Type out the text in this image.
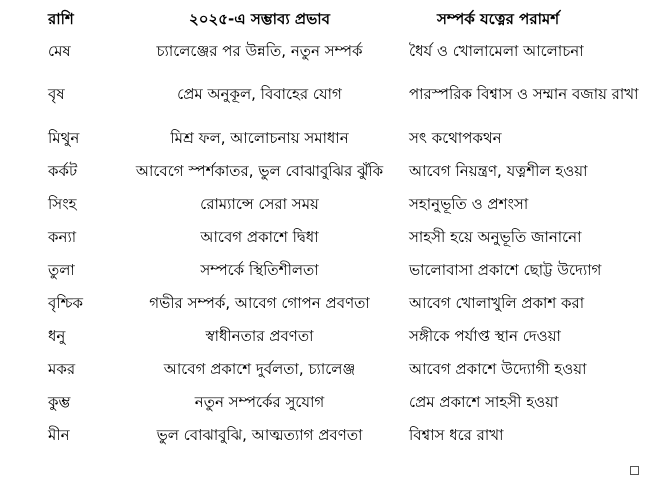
রাশি	২০২৫-এ সম্ভাব্য প্রভাব	সম্পর্ক যত্নের পরামর্শ
মেষ	চ্যালেঞ্জের পর উন্নতি, নতুন সম্পর্ক	ধৈর্য ও খোলামেলা আলোচনা
বৃষ	প্রেম অনুকূল, বিবাহের যোগ	পারস্পরিক বিশ্বাস ও সম্মান বজায় রাখা
মিথুন	মিশ্র ফল, আলোচনায় সমাধান	সৎ কথোপকথন
কর্কট	আবেগে স্পর্শকাতর, ভুল বোঝাবুঝির ঝুঁকি	আবেগ নিয়ন্ত্রণ, যত্নশীল হওয়া
সিংহ	রোম্যান্সে সেরা সময়	সহানুভূতি ও প্রশংসা
কন্যা	আবেগ প্রকাশে দ্বিধা	সাহসী হয়ে অনুভূতি জানানো
তুলা	সম্পর্কে স্থিতিশীলতা	ভালোবাসা প্রকাশে ছোট্ট উদ্যোগ
বৃশ্চিক	গভীর সম্পর্ক, আবেগ গোপন প্রবণতা	আবেগ খোলাখুলি প্রকাশ করা
ধনু	স্বাধীনতার প্রবণতা	সঙ্গীকে পর্যাপ্ত স্থান দেওয়া
মকর	আবেগ প্রকাশে দুর্বলতা, চ্যালেঞ্জ	আবেগ প্রকাশে উদ্যোগী হওয়া
কুম্ভ	নতুন সম্পর্কের সুযোগ	প্রেম প্রকাশে সাহসী হওয়া
মীন	ভুল বোঝাবুঝি, আত্মত্যাগ প্রবণতা	বিশ্বাস ধরে রাখা
